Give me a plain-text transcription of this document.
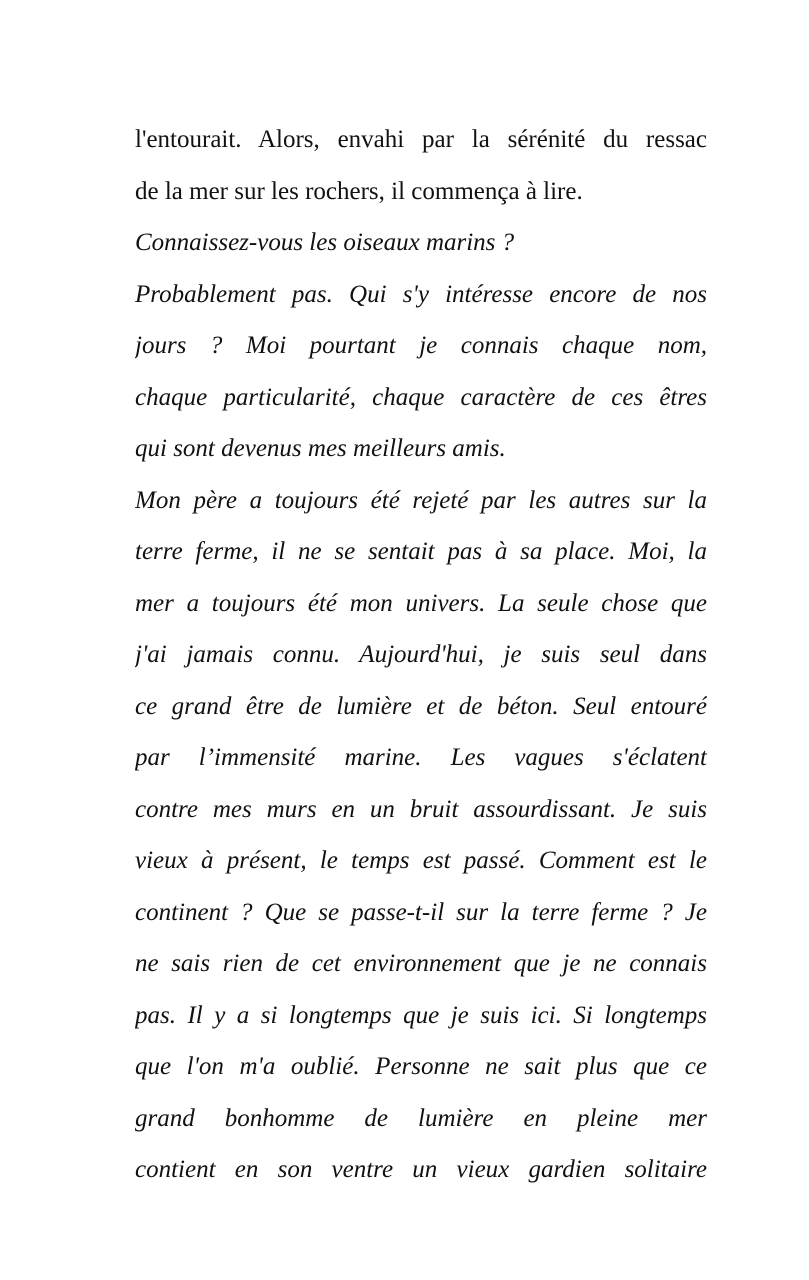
l'entourait. Alors, envahi par la sérénité du ressac
de la mer sur les rochers, il commença à lire.
Connaissez-vous les oiseaux marins ?
Probablement pas. Qui s'y intéresse encore de nos
jours ? Moi pourtant je connais chaque nom,
chaque particularité, chaque caractère de ces êtres
qui sont devenus mes meilleurs amis.
Mon père a toujours été rejeté par les autres sur la
terre ferme, il ne se sentait pas à sa place. Moi, la
mer a toujours été mon univers. La seule chose que
j'ai jamais connu. Aujourd'hui, je suis seul dans
ce grand être de lumière et de béton. Seul entouré
par l’immensité marine. Les vagues s'éclatent
contre mes murs en un bruit assourdissant. Je suis
vieux à présent, le temps est passé. Comment est le
continent ? Que se passe-t-il sur la terre ferme ? Je
ne sais rien de cet environnement que je ne connais
pas. Il y a si longtemps que je suis ici. Si longtemps
que l'on m'a oublié. Personne ne sait plus que ce
grand bonhomme de lumière en pleine mer
contient en son ventre un vieux gardien solitaire
